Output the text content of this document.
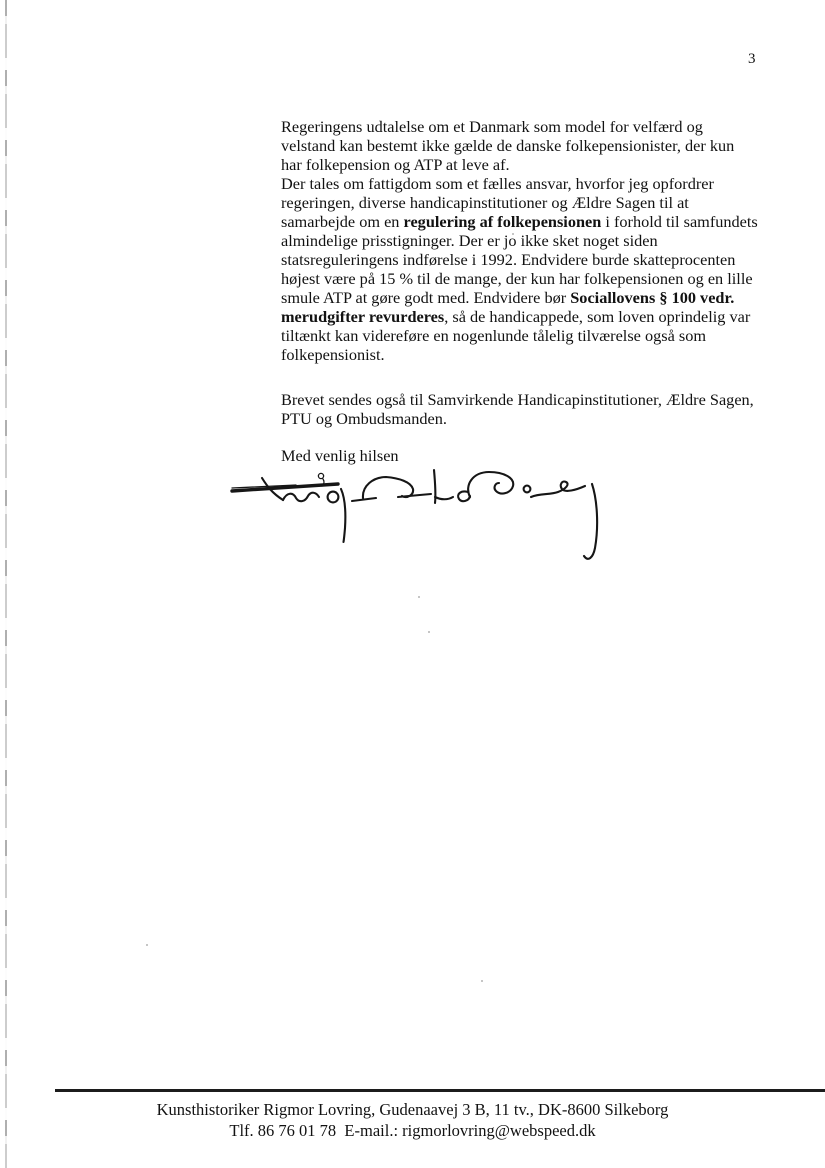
3

Regeringens udtalelse om et Danmark som model for velfærd og velstand kan bestemt ikke gælde de danske folkepensionister, der kun har folkepension og ATP at leve af.

Der tales om fattigdom som et fælles ansvar, hvorfor jeg opfordrer regeringen, diverse handicapinstitutioner og Ældre Sagen til at samarbejde om en regulering af folkepensionen i forhold til samfundets almindelige prisstigninger. Der er jo ikke sket noget siden statsreguleringens indførelse i 1992. Endvidere burde skatteprocenten højest være på 15 % til de mange, der kun har folkepensionen og en lille smule ATP at gøre godt med. Endvidere bør Sociallovens § 100 vedr. merudgifter revurderes, så de handicappede, som loven oprindelig var tiltænkt kan videreføre en nogenlunde tålelig tilværelse også som folkepensionist.

Brevet sendes også til Samvirkende Handicapinstitutioner, Ældre Sagen, PTU og Ombudsmanden.

Med venlig hilsen

Kunsthistoriker Rigmor Lovring, Gudenaavej 3 B, 11 tv., DK-8600 Silkeborg
Tlf. 86 76 01 78  E-mail.: rigmorlovring@webspeed.dk
